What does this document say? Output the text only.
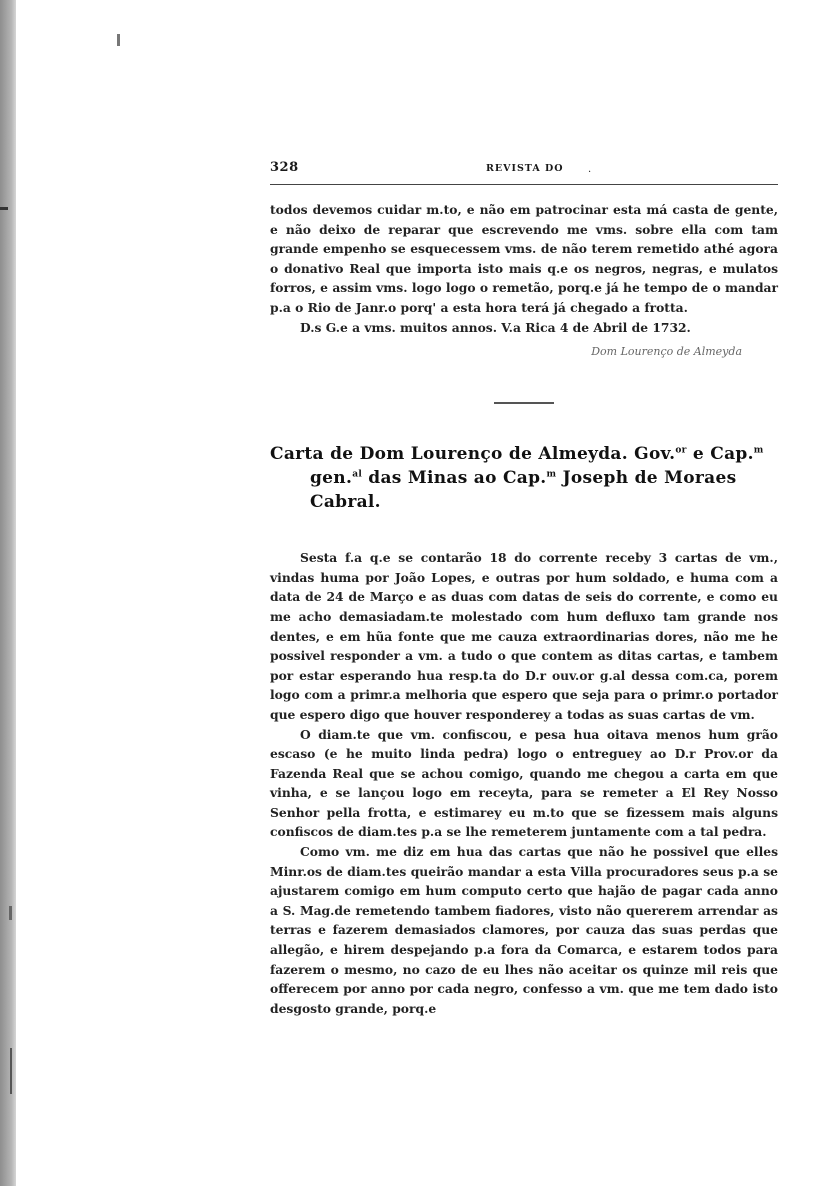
328	REVISTA DO .

todos devemos cuidar m.to, e não em patrocinar esta má casta de gente, e não deixo de reparar que escrevendo me vms. sobre ella com tam grande empenho se esquecessem vms. de não terem remetido athé agora o donativo Real que importa isto mais q.e os negros, negras, e mulatos forros, e assim vms. logo logo o remetão, porq.e já he tempo de o mandar p.a o Rio de Janr.o porq' a esta hora terá já chegado a frotta.

D.s G.e a vms. muitos annos. V.a Rica 4 de Abril de 1732.

Dom Lourenço de Almeyda

Carta de Dom Lourenço de Almeyda. Gov.$^{or}$ e Cap.$^m$ gen.$^{al}$ das Minas ao Cap.$^m$ Joseph de Moraes Cabral.

Sesta f.a q.e se contarão 18 do corrente receby 3 cartas de vm., vindas huma por João Lopes, e outras por hum soldado, e huma com a data de 24 de Março e as duas com datas de seis do corrente, e como eu me acho demasiadam.te molestado com hum defluxo tam grande nos dentes, e em hũa fonte que me cauza extraordinarias dores, não me he possivel responder a vm. a tudo o que contem as ditas cartas, e tambem por estar esperando hua resp.ta do D.r ouv.or g.al dessa com.ca, porem logo com a primr.a melhoria que espero que seja para o primr.o portador que espero digo que houver responderey a todas as suas cartas de vm.

O diam.te que vm. confiscou, e pesa hua oitava menos hum grão escaso (e he muito linda pedra) logo o entreguey ao D.r Prov.or da Fazenda Real que se achou comigo, quando me chegou a carta em que vinha, e se lançou logo em receyta, para se remeter a El Rey Nosso Senhor pella frotta, e estimarey eu m.to que se fizessem mais alguns confiscos de diam.tes p.a se lhe remeterem juntamente com a tal pedra.

Como vm. me diz em hua das cartas que não he possivel que elles Minr.os de diam.tes queirão mandar a esta Villa procuradores seus p.a se ajustarem comigo em hum computo certo que hajão de pagar cada anno a S. Mag.de remetendo tambem fiadores, visto não quererem arrendar as terras e fazerem demasiados clamores, por cauza das suas perdas que allegão, e hirem despejando p.a fora da Comarca, e estarem todos para fazerem o mesmo, no cazo de eu lhes não aceitar os quinze mil reis que offerecem por anno por cada negro, confesso a vm. que me tem dado isto desgosto grande, porq.e
